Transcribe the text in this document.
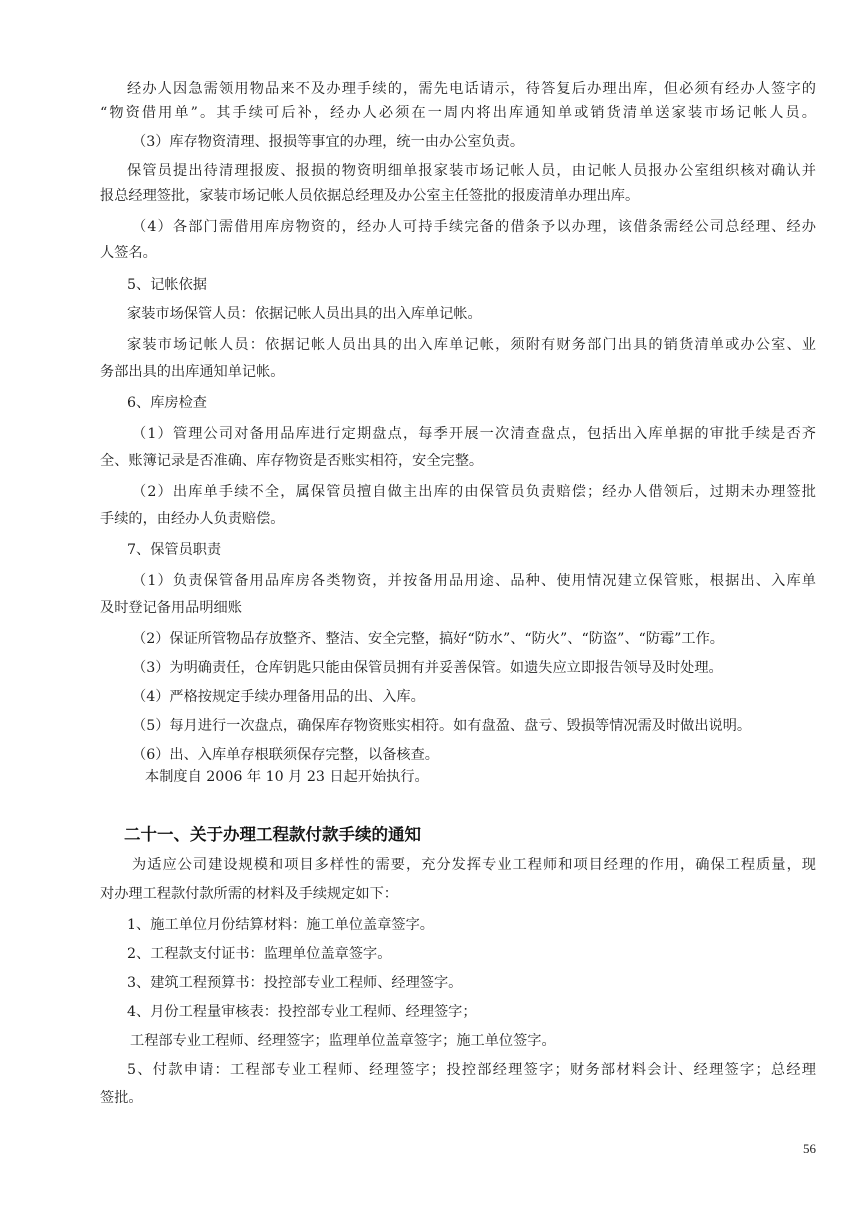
经办人因急需领用物品来不及办理手续的，需先电话请示，待答复后办理出库，但必须有经办人签字的
“物资借用单”。其手续可后补，经办人必须在一周内将出库通知单或销货清单送家装市场记帐人员。
（3）库存物资清理、报损等事宜的办理，统一由办公室负责。
保管员提出待清理报废、报损的物资明细单报家装市场记帐人员，由记帐人员报办公室组织核对确认并
报总经理签批，家装市场记帐人员依据总经理及办公室主任签批的报废清单办理出库。
（4）各部门需借用库房物资的，经办人可持手续完备的借条予以办理，该借条需经公司总经理、经办
人签名。
5、记帐依据
家装市场保管人员：依据记帐人员出具的出入库单记帐。
家装市场记帐人员：依据记帐人员出具的出入库单记帐，须附有财务部门出具的销货清单或办公室、业
务部出具的出库通知单记帐。
6、库房检查
（1）管理公司对备用品库进行定期盘点，每季开展一次清查盘点，包括出入库单据的审批手续是否齐
全、账簿记录是否准确、库存物资是否账实相符，安全完整。
（2）出库单手续不全，属保管员擅自做主出库的由保管员负责赔偿；经办人借领后，过期未办理签批
手续的，由经办人负责赔偿。
7、保管员职责
（1）负责保管备用品库房各类物资，并按备用品用途、品种、使用情况建立保管账，根据出、入库单
及时登记备用品明细账
（2）保证所管物品存放整齐、整洁、安全完整，搞好“防水”、“防火”、“防盗”、“防霉”工作。
（3）为明确责任，仓库钥匙只能由保管员拥有并妥善保管。如遗失应立即报告领导及时处理。
（4）严格按规定手续办理备用品的出、入库。
（5）每月进行一次盘点，确保库存物资账实相符。如有盘盈、盘亏、毁损等情况需及时做出说明。
（6）出、入库单存根联须保存完整，以备核查。
本制度自 2006 年 10 月 23 日起开始执行。
二十一、关于办理工程款付款手续的通知
为适应公司建设规模和项目多样性的需要，充分发挥专业工程师和项目经理的作用，确保工程质量，现
对办理工程款付款所需的材料及手续规定如下：
1、施工单位月份结算材料：施工单位盖章签字。
2、工程款支付证书：监理单位盖章签字。
3、建筑工程预算书：投控部专业工程师、经理签字。
4、月份工程量审核表：投控部专业工程师、经理签字；
工程部专业工程师、经理签字；监理单位盖章签字；施工单位签字。
5、付款申请：工程部专业工程师、经理签字；投控部经理签字；财务部材料会计、经理签字；总经理
签批。
56
